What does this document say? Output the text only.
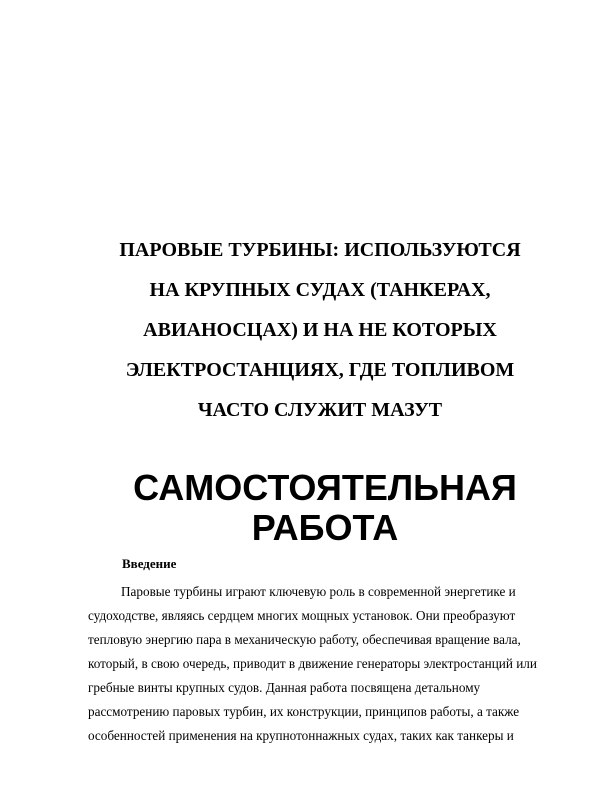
ПАРОВЫЕ ТУРБИНЫ: ИСПОЛЬЗУЮТСЯ
НА КРУПНЫХ СУДАХ (ТАНКЕРАХ,
АВИАНОСЦАХ) И НА НЕ КОТОРЫХ
ЭЛЕКТРОСТАНЦИЯХ, ГДЕ ТОПЛИВОМ
ЧАСТО СЛУЖИТ МАЗУТ
САМОСТОЯТЕЛЬНАЯ
РАБОТА
Введение

Паровые турбины играют ключевую роль в современной энергетике и
судоходстве, являясь сердцем многих мощных установок. Они преобразуют
тепловую энергию пара в механическую работу, обеспечивая вращение вала,
который, в свою очередь, приводит в движение генераторы электростанций или
гребные винты крупных судов. Данная работа посвящена детальному
рассмотрению паровых турбин, их конструкции, принципов работы, а также
особенностей применения на крупнотоннажных судах, таких как танкеры и
